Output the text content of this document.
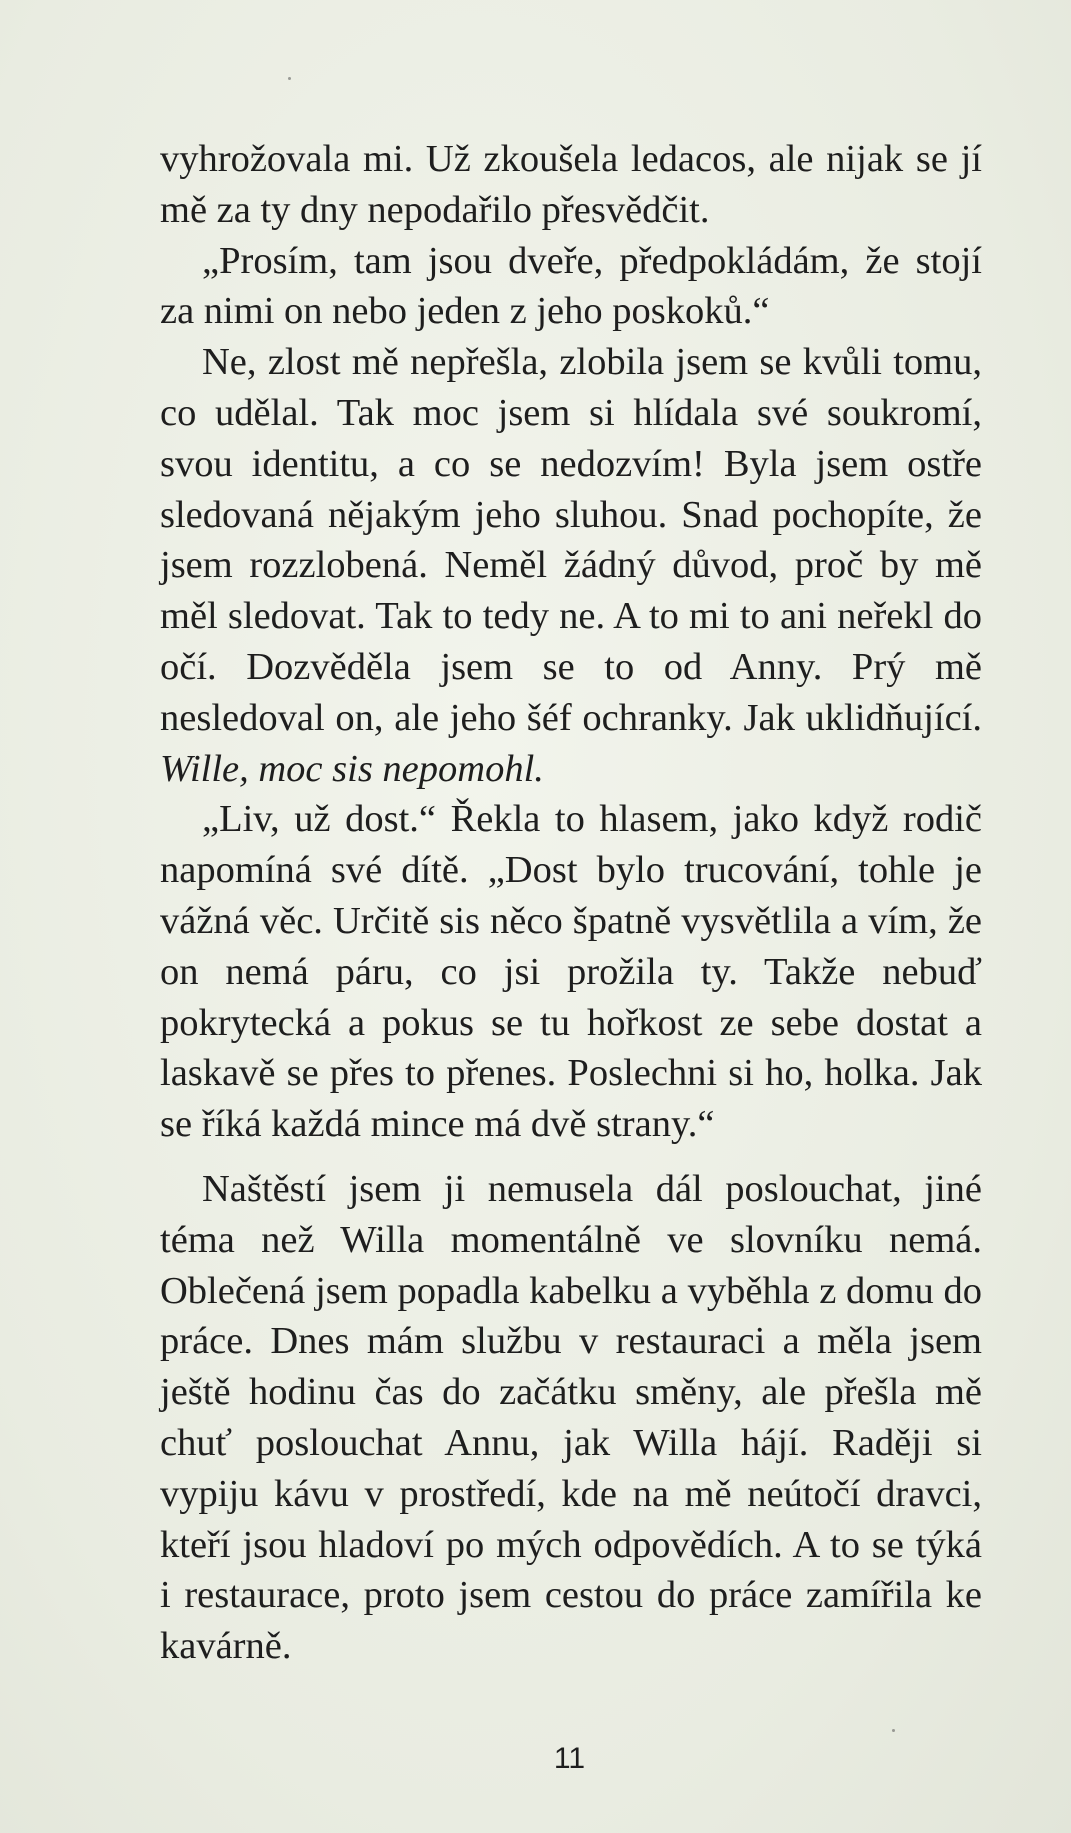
vyhrožovala mi. Už zkoušela ledacos, ale nijak se jí mě za ty dny nepodařilo přesvědčit.

„Prosím, tam jsou dveře, předpokládám, že stojí za nimi on nebo jeden z jeho poskoků.“

Ne, zlost mě nepřešla, zlobila jsem se kvůli tomu, co udělal. Tak moc jsem si hlídala své soukromí, svou identitu, a co se nedozvím! Byla jsem ostře sledovaná nějakým jeho sluhou. Snad pochopíte, že jsem rozzlobená. Neměl žádný důvod, proč by mě měl sledovat. Tak to tedy ne. A to mi to ani neřekl do očí. Dozvěděla jsem se to od Anny. Prý mě nesledoval on, ale jeho šéf ochranky. Jak uklidňující. Wille, moc sis nepomohl.

„Liv, už dost.“ Řekla to hlasem, jako když rodič napomíná své dítě. „Dost bylo trucování, tohle je vážná věc. Určitě sis něco špatně vysvětlila a vím, že on nemá páru, co jsi prožila ty. Takže nebuď pokrytecká a pokus se tu hořkost ze sebe dostat a laskavě se přes to přenes. Poslechni si ho, holka. Jak se říká každá mince má dvě strany.“

Naštěstí jsem ji nemusela dál poslouchat, jiné téma než Willa momentálně ve slovníku nemá. Oblečená jsem popadla kabelku a vyběhla z domu do práce. Dnes mám službu v restauraci a měla jsem ještě hodinu čas do začátku směny, ale přešla mě chuť poslouchat Annu, jak Willa hájí. Raději si vypiju kávu v prostředí, kde na mě neútočí dravci, kteří jsou hladoví po mých odpovědích. A to se týká i restaurace, proto jsem cestou do práce zamířila ke kavárně.

11
